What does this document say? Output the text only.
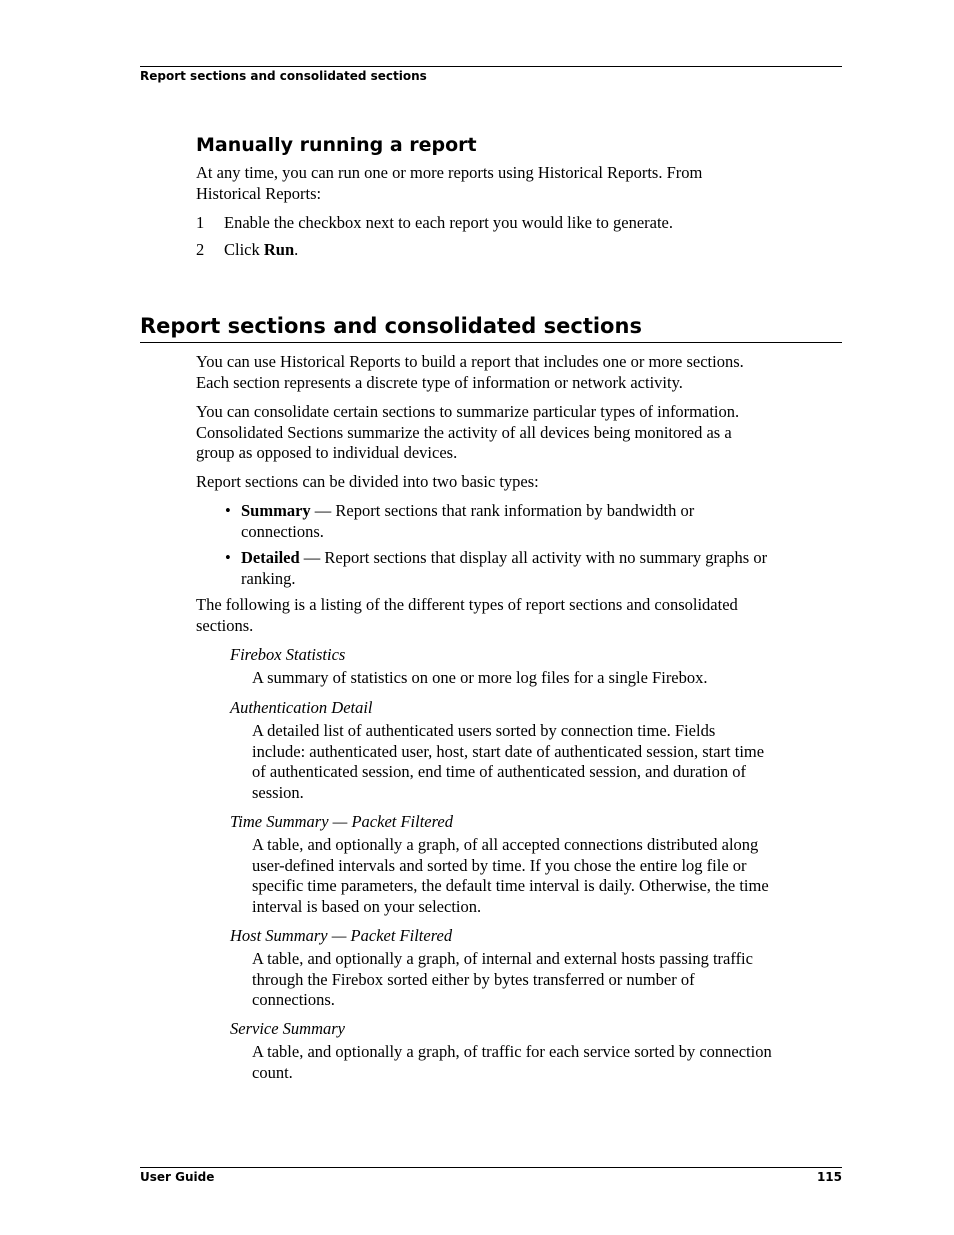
Report sections and consolidated sections
Manually running a report

At any time, you can run one or more reports using Historical Reports. From
Historical Reports:

1 Enable the checkbox next to each report you would like to generate.

2 Click Run.

Report sections and consolidated sections

You can use Historical Reports to build a report that includes one or more sections.
Each section represents a discrete type of information or network activity.

You can consolidate certain sections to summarize particular types of information.
Consolidated Sections summarize the activity of all devices being monitored as a
group as opposed to individual devices.

Report sections can be divided into two basic types:

• Summary — Report sections that rank information by bandwidth or
connections.

• Detailed — Report sections that display all activity with no summary graphs or
ranking.

The following is a listing of the different types of report sections and consolidated
sections.

Firebox Statistics

A summary of statistics on one or more log files for a single Firebox.

Authentication Detail

A detailed list of authenticated users sorted by connection time. Fields
include: authenticated user, host, start date of authenticated session, start time
of authenticated session, end time of authenticated session, and duration of
session.

Time Summary — Packet Filtered

A table, and optionally a graph, of all accepted connections distributed along
user-defined intervals and sorted by time. If you chose the entire log file or
specific time parameters, the default time interval is daily. Otherwise, the time
interval is based on your selection.

Host Summary — Packet Filtered

A table, and optionally a graph, of internal and external hosts passing traffic
through the Firebox sorted either by bytes transferred or number of
connections.

Service Summary

A table, and optionally a graph, of traffic for each service sorted by connection
count.

User Guide	115
